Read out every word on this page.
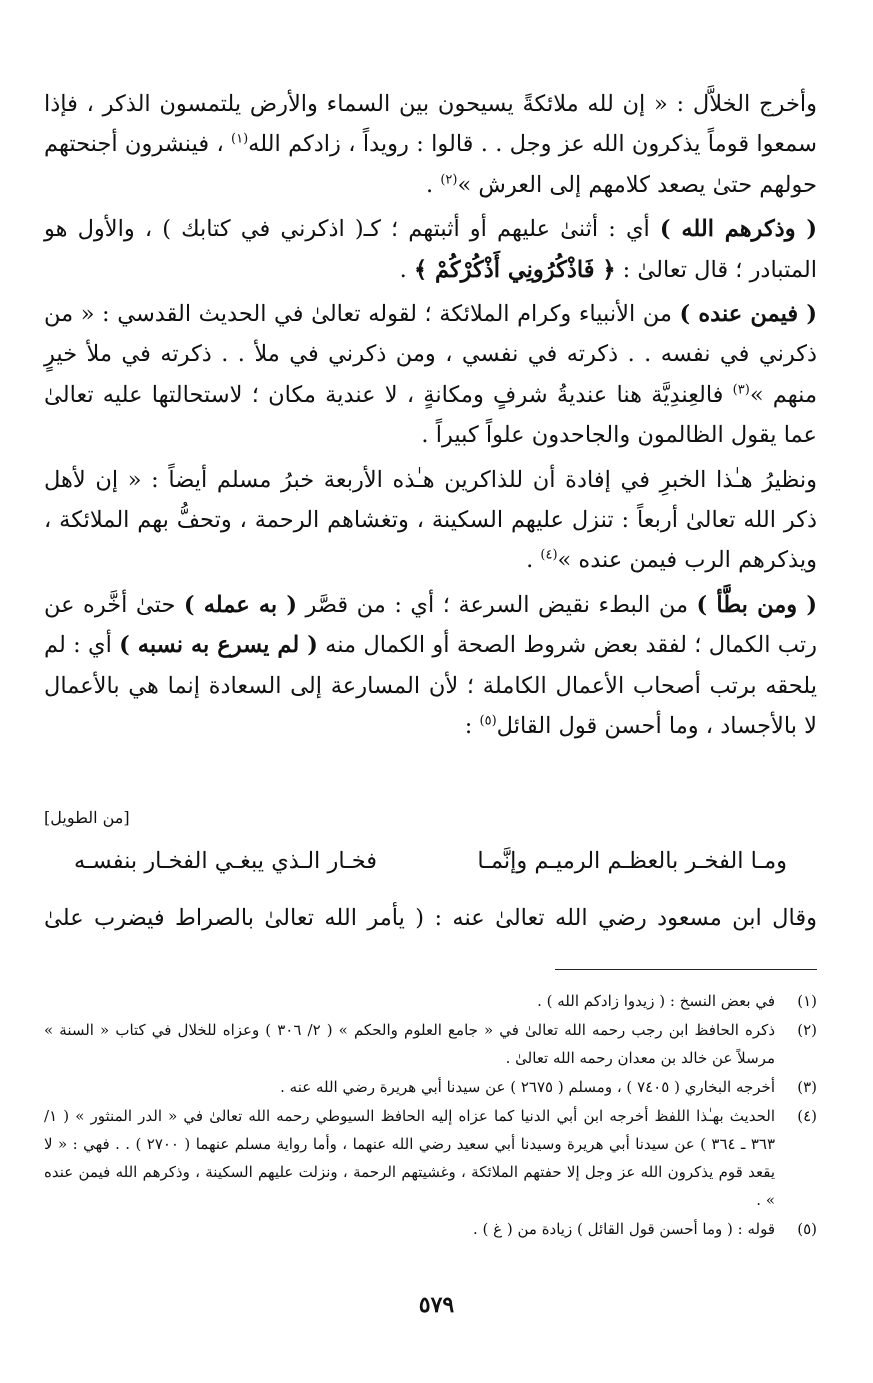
وأخرج الخلاَّل : « إن لله ملائكةً يسيحون بين السماء والأرض يلتمسون الذكر ، فإذا سمعوا قوماً يذكرون الله عز وجل . . قالوا : رويداً ، زادكم الله$^{(١)}$ ، فينشرون أجنحتهم حولهم حتىٰ يصعد كلامهم إلى العرش »$^{(٢)}$ .

( وذكرهم الله ) أي : أثنىٰ عليهم أو أثبتهم ؛ كـ( اذكرني في كتابك ) ، والأول هو المتبادر ؛ قال تعالىٰ : ﴿ فَاذْكُرُونِي أَذْكُرْكُمْ ﴾ .

( فيمن عنده ) من الأنبياء وكرام الملائكة ؛ لقوله تعالىٰ في الحديث القدسي : « من ذكرني في نفسه . . ذكرته في نفسي ، ومن ذكرني في ملأ . . ذكرته في ملأ خيرٍ منهم »$^{(٣)}$ فالعِندِيَّة هنا عنديةُ شرفٍ ومكانةٍ ، لا عندية مكان ؛ لاستحالتها عليه تعالىٰ عما يقول الظالمون والجاحدون علواً كبيراً .

ونظيرُ هـٰذا الخبرِ في إفادة أن للذاكرين هـٰذه الأربعة خبرُ مسلم أيضاً : « إن لأهل ذكر الله تعالىٰ أربعاً : تنزل عليهم السكينة ، وتغشاهم الرحمة ، وتحفُّ بهم الملائكة ، ويذكرهم الرب فيمن عنده »$^{(٤)}$ .

( ومن بطَّأ ) من البطء نقيض السرعة ؛ أي : من قصَّر ( به عمله ) حتىٰ أخَّره عن رتب الكمال ؛ لفقد بعض شروط الصحة أو الكمال منه ( لم يسرع به نسبه ) أي : لم يلحقه برتب أصحاب الأعمال الكاملة ؛ لأن المسارعة إلى السعادة إنما هي بالأعمال لا بالأجساد ، وما أحسن قول القائل$^{(٥)}$ :

[من الطويل]
ومـا الفخـر بالعظـم الرميـم وإنَّمـا
فخـار الـذي يبغـي الفخـار بنفسـه
وقال ابن مسعود رضي الله تعالىٰ عنه : ( يأمر الله تعالىٰ بالصراط فيضرب علىٰ
(١)
في بعض النسخ : ( زيدوا زادكم الله ) .
(٢)
ذكره الحافظ ابن رجب رحمه الله تعالىٰ في « جامع العلوم والحكم » ( ٢/ ٣٠٦ ) وعزاه للخلال في كتاب « السنة » مرسلاً عن خالد بن معدان رحمه الله تعالىٰ .
(٣)
أخرجه البخاري ( ٧٤٠٥ ) ، ومسلم ( ٢٦٧٥ ) عن سيدنا أبي هريرة رضي الله عنه .
(٤)
الحديث بهـٰذا اللفظ أخرجه ابن أبي الدنيا كما عزاه إليه الحافظ السيوطي رحمه الله تعالىٰ في « الدر المنثور » ( ١/ ٣٦٣ ـ ٣٦٤ ) عن سيدنا أبي هريرة وسيدنا أبي سعيد رضي الله عنهما ، وأما رواية مسلم عنهما ( ٢٧٠٠ ) . . فهي : « لا يقعد قوم يذكرون الله عز وجل إلا حفتهم الملائكة ، وغشيتهم الرحمة ، ونزلت عليهم السكينة ، وذكرهم الله فيمن عنده » .
(٥)
قوله : ( وما أحسن قول القائل ) زيادة من ( غ ) .
٥٧٩
